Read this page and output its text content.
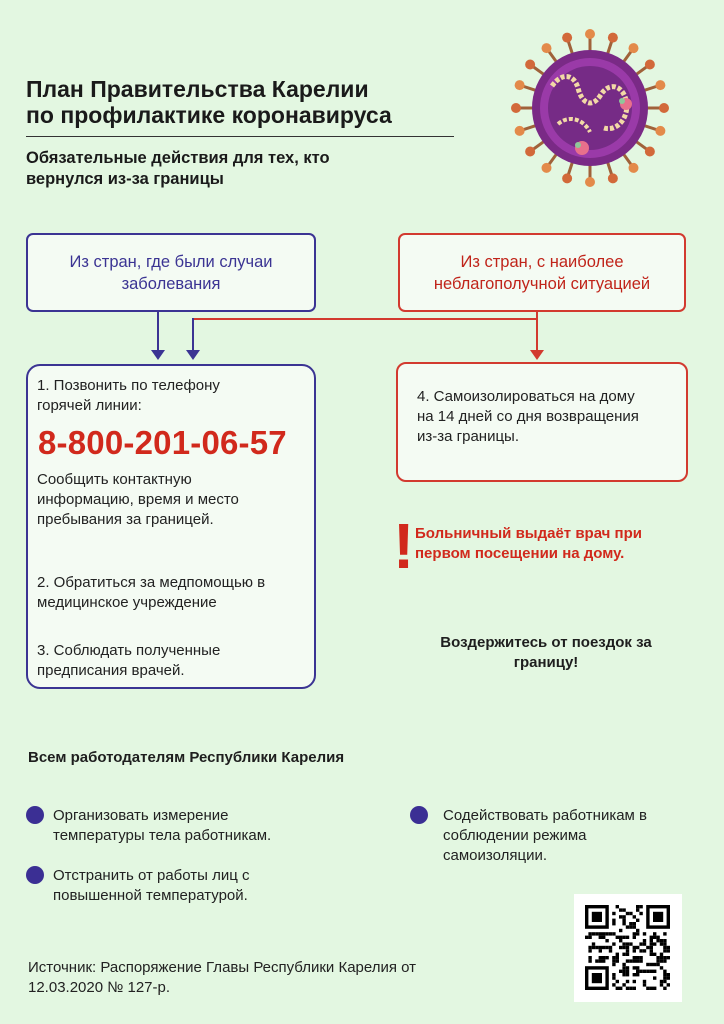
План Правительства Карелии
по профилактике коронавируса
Обязательные действия для тех, кто
вернулся из-за границы
Из стран, где были случаи
заболевания
Из стран, с наиболее
неблагополучной ситуацией
1. Позвонить по телефону
горячей линии:
8-800-201-06-57
Сообщить контактную
информацию, время и место
пребывания за границей.
2. Обратиться за медпомощью в
медицинское учреждение
3. Соблюдать полученные
предписания врачей.
4. Самоизолироваться на дому
на 14 дней со дня возвращения
из-за границы.
! Больничный выдаёт врач при
первом посещении на дому.
Воздержитесь от поездок за
границу!
Всем работодателям Республики Карелия
Организовать измерение
температуры тела работникам.
Отстранить от работы лиц с
повышенной температурой.
Содействовать работникам в
соблюдении режима
самоизоляции.
Источник: Распоряжение Главы Республики Карелия от
12.03.2020 № 127-р.
